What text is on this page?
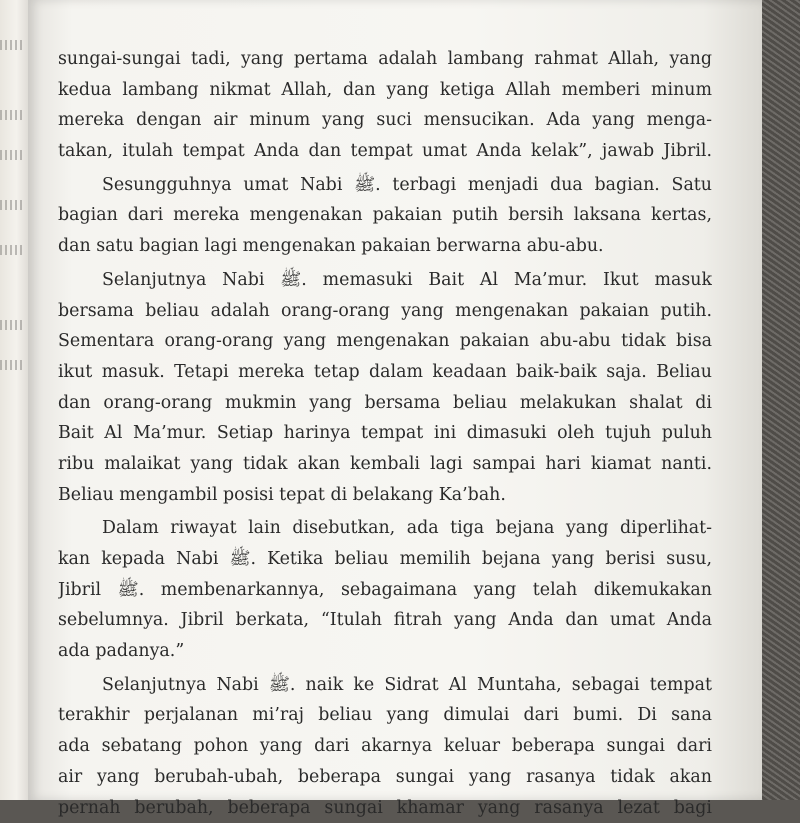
sungai-sungai tadi, yang pertama adalah lambang rahmat Allah, yang
kedua lambang nikmat Allah, dan yang ketiga Allah memberi minum
mereka dengan air minum yang suci mensucikan. Ada yang menga-
takan, itulah tempat Anda dan tempat umat Anda kelak”, jawab Jibril.
Sesungguhnya umat Nabi ﷺ. terbagi menjadi dua bagian. Satu
bagian dari mereka mengenakan pakaian putih bersih laksana kertas,
dan satu bagian lagi mengenakan pakaian berwarna abu-abu.
Selanjutnya Nabi ﷺ. memasuki Bait Al Ma’mur. Ikut masuk
bersama beliau adalah orang-orang yang mengenakan pakaian putih.
Sementara orang-orang yang mengenakan pakaian abu-abu tidak bisa
ikut masuk. Tetapi mereka tetap dalam keadaan baik-baik saja. Beliau
dan orang-orang mukmin yang bersama beliau melakukan shalat di
Bait Al Ma’mur. Setiap harinya tempat ini dimasuki oleh tujuh puluh
ribu malaikat yang tidak akan kembali lagi sampai hari kiamat nanti.
Beliau mengambil posisi tepat di belakang Ka’bah.
Dalam riwayat lain disebutkan, ada tiga bejana yang diperlihat-
kan kepada Nabi ﷺ. Ketika beliau memilih bejana yang berisi susu,
Jibril ﷺ. membenarkannya, sebagaimana yang telah dikemukakan
sebelumnya. Jibril berkata, “Itulah fitrah yang Anda dan umat Anda
ada padanya.”
Selanjutnya Nabi ﷺ. naik ke Sidrat Al Muntaha, sebagai tempat
terakhir perjalanan mi’raj beliau yang dimulai dari bumi. Di sana
ada sebatang pohon yang dari akarnya keluar beberapa sungai dari
air yang berubah-ubah, beberapa sungai yang rasanya tidak akan
pernah berubah, beberapa sungai khamar yang rasanya lezat bagi
